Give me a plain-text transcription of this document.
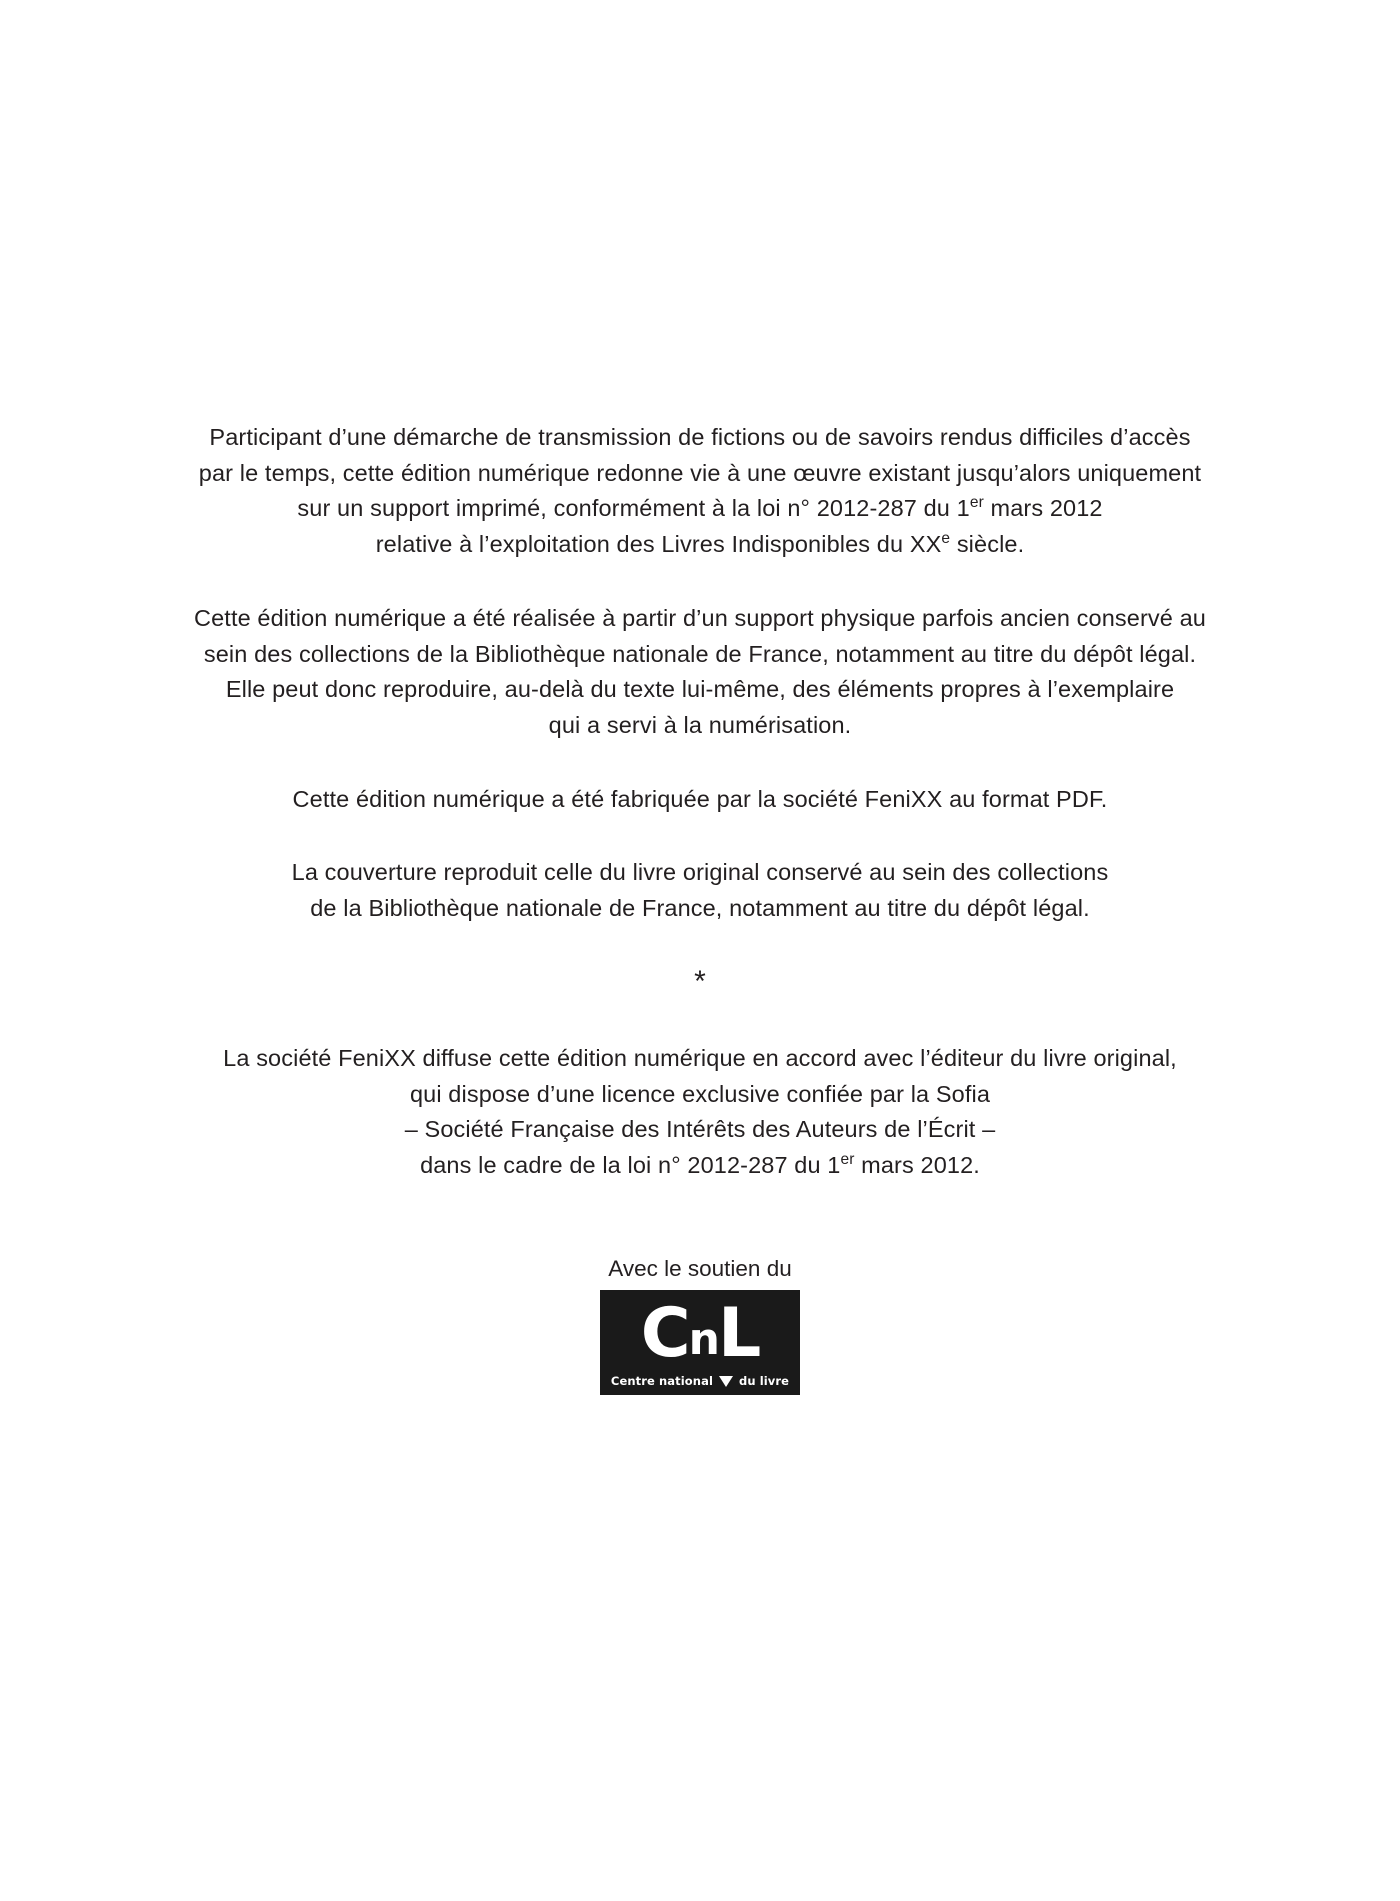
Participant d’une démarche de transmission de fictions ou de savoirs rendus difficiles d’accès
par le temps, cette édition numérique redonne vie à une œuvre existant jusqu’alors uniquement
sur un support imprimé, conformément à la loi n° 2012-287 du 1er mars 2012
relative à l’exploitation des Livres Indisponibles du XXe siècle.

Cette édition numérique a été réalisée à partir d’un support physique parfois ancien conservé au
sein des collections de la Bibliothèque nationale de France, notamment au titre du dépôt légal.
Elle peut donc reproduire, au-delà du texte lui-même, des éléments propres à l’exemplaire
qui a servi à la numérisation.

Cette édition numérique a été fabriquée par la société FeniXX au format PDF.

La couverture reproduit celle du livre original conservé au sein des collections
de la Bibliothèque nationale de France, notamment au titre du dépôt légal.

*

La société FeniXX diffuse cette édition numérique en accord avec l’éditeur du livre original,
qui dispose d’une licence exclusive confiée par la Sofia
– Société Française des Intérêts des Auteurs de l’Écrit –
dans le cadre de la loi n° 2012-287 du 1er mars 2012.

Avec le soutien du
CnL
Centre national du livre
